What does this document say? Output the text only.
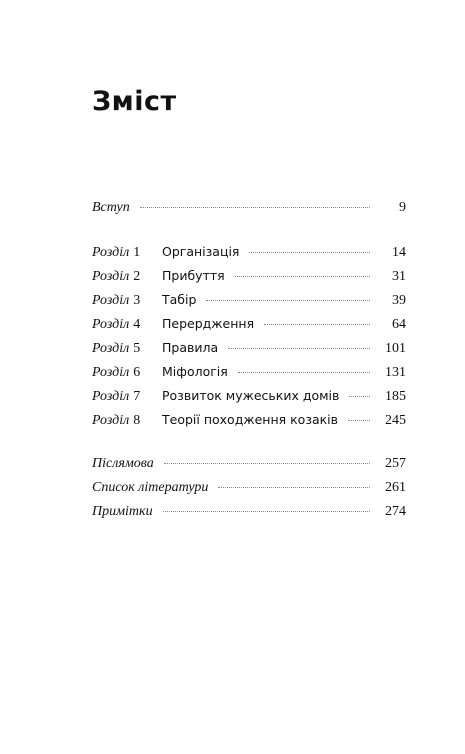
Зміст
Вступ	9
Розділ 1	Організація	14
Розділ 2	Прибуття	31
Розділ 3	Табір	39
Розділ 4	Перердження	64
Розділ 5	Правила	101
Розділ 6	Міфологія	131
Розділ 7	Розвиток мужеських домів	185
Розділ 8	Теорії походження козаків	245
Післямова	257
Список літератури	261
Примітки	274
